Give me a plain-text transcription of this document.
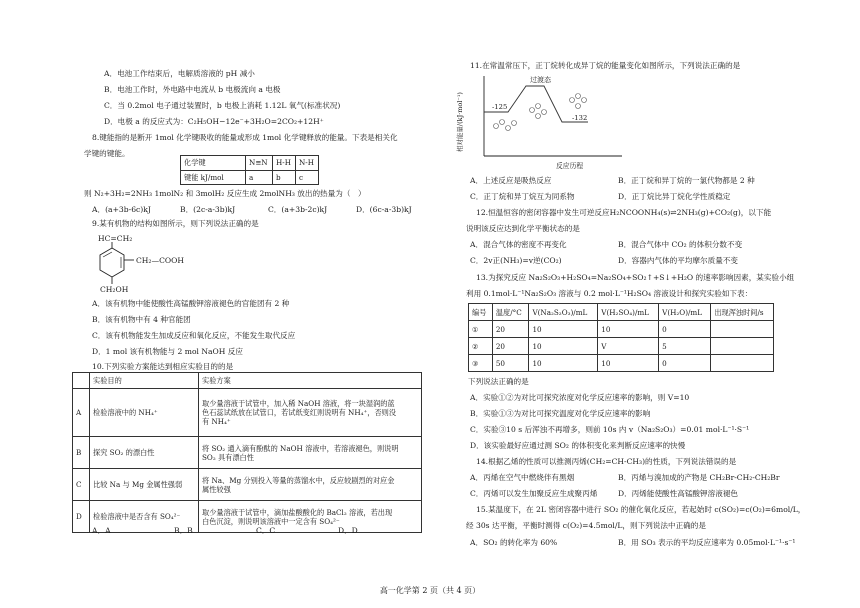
A．电池工作结束后，电解质溶液的 pH 减小
B．电池工作时，外电路中电流从 b 电极流向 a 电极
C．当 0.2mol 电子通过装置时，b 电极上消耗 1.12L 氧气(标准状况)
D．电极 a 的反应式为：C₂H₅OH−12e⁻+3H₂O=2CO₂+12H⁺
8.键能指的是断开 1mol 化学键吸收的能量或形成 1mol 化学键释放的能量。下表是相关化
学键的键能。
化学键	N≡N	H-H	N-H
键能 kJ/mol	a	b	c
则 N₂+3H₂=2NH₃ 1molN₂ 和 3molH₂ 反应生成 2molNH₃ 放出的热量为（　）
A．(a+3b-6c)kJ	B．(2c-a-3b)kJ	C．(a+3b-2c)kJ	D．(6c-a-3b)kJ
9.某有机物的结构如图所示，则下列说法正确的是
HC=CH₂
CH₂—COOH
CH₂OH
A．该有机物中能使酸性高锰酸钾溶液褪色的官能团有 2 种
B．该有机物中有 4 种官能团
C．该有机物能发生加成反应和氧化反应，不能发生取代反应
D．1 mol 该有机物能与 2 mol NaOH 反应
10.下列实验方案能达到相应实验目的的是
	实验目的	实验方案
A	检验溶液中的 NH₄⁺	取少量溶液于试管中，加入稀 NaOH 溶液，将一块湿润的蓝
色石蕊试纸放在试管口，若试纸变红则说明有 NH₄⁺，否则没
有 NH₄⁺

B	探究 SO₂ 的漂白性	将 SO₂ 通入滴有酚酞的 NaOH 溶液中，若溶液褪色，则说明
SO₂ 具有漂白性

C	比较 Na 与 Mg 金属性强弱	将 Na、Mg 分别投入等量的蒸馏水中，反应较剧烈的对应金
属性较强

D	检验溶液中是否含有 SO₄²⁻	取少量溶液于试管中，滴加盐酸酸化的 BaCl₂ 溶液，若出现
白色沉淀，则说明该溶液中一定含有 SO₄²⁻
A．A	B．B	C．C	D．D
11.在常温常压下，正丁烷转化成异丁烷的能量变化如图所示，下列说法正确的是
过渡态
相对能量/(kJ·mol⁻¹)	-125
-132
反应历程
A．上述反应是吸热反应	B．正丁烷和异丁烷的一氯代物都是 2 种
C．正丁烷和异丁烷互为同系物	D．正丁烷比异丁烷化学性质稳定
12.恒温恒容的密闭容器中发生可逆反应H₂NCOONH₄(s)⇌2NH₃(g)+CO₂(g)，以下能
说明该反应达到化学平衡状态的是
A．混合气体的密度不再变化	B．混合气体中 CO₂ 的体积分数不变
C．2v正(NH₃)=v逆(CO₂)	D．容器内气体的平均摩尔质量不变
13.为探究反应 Na₂S₂O₃+H₂SO₄=Na₂SO₄+SO₂↑+S↓+H₂O 的速率影响因素，某实验小组
利用 0.1mol·L⁻¹Na₂S₂O₃ 溶液与 0.2 mol·L⁻¹H₂SO₄ 溶液设计和探究实验如下表：
编号	温度/°C	V(Na₂S₂O₃)/mL	V(H₂SO₄)/mL	V(H₂O)/mL	出现浑浊时间/s
①	20	10	10	0	
②	20	10	V	5	
③	50	10	10	0	
下列说法正确的是
A．实验①②为对比可探究浓度对化学反应速率的影响，则 V=10
B．实验①③为对比可探究温度对化学反应速率的影响
C．实验③10 s 后浑浊不再增多，则前 10s 内 v（Na₂S₂O₃）=0.01 mol·L⁻¹·S⁻¹
D．该实验最好应通过测 SO₂ 的体积变化来判断反应速率的快慢
14.根据乙烯的性质可以推测丙烯(CH₂=CH-CH₃)的性质，下列说法错误的是
A．丙烯在空气中燃烧伴有黑烟	B．丙烯与溴加成的产物是 CH₂Br-CH₂-CH₂Br
C．丙烯可以发生加聚反应生成聚丙烯	D．丙烯能使酸性高锰酸钾溶液褪色
15.某温度下，在 2L 密闭容器中进行 SO₂ 的催化氧化反应，若起始时 c(SO₂)=c(O₂)=6mol/L，
经 30s 达平衡，平衡时测得 c(O₂)=4.5mol/L，则下列说法中正确的是
A．SO₂ 的转化率为 60%	B．用 SO₃ 表示的平均反应速率为 0.05mol·L⁻¹·s⁻¹
高一化学第 2 页（共 4 页）
